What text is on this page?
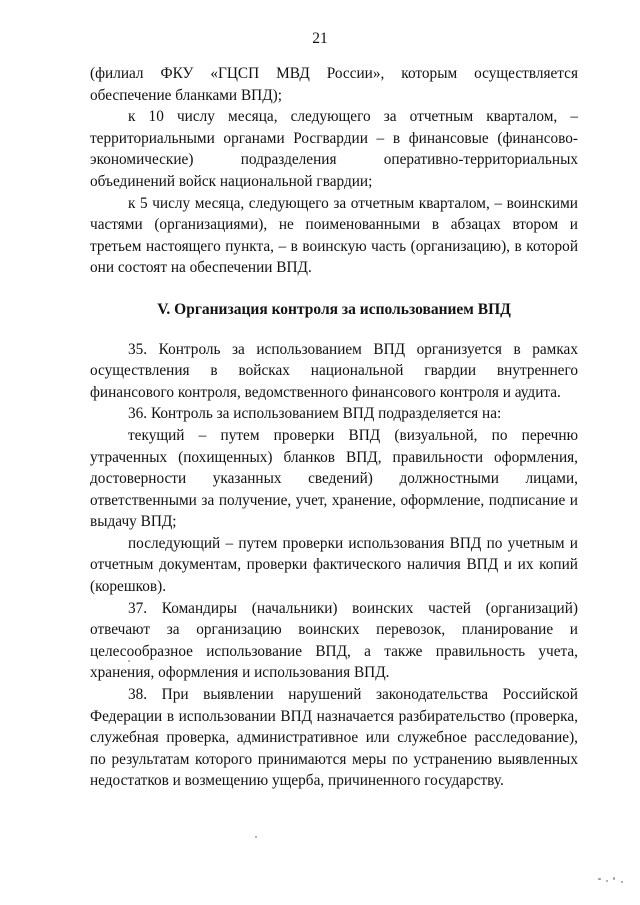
21

(филиал ФКУ «ГЦСП МВД России», которым осуществляется обеспечение бланками ВПД);

к 10 числу месяца, следующего за отчетным кварталом, – территориальными органами Росгвардии – в финансовые (финансово-экономические) подразделения оперативно-территориальных объединений войск национальной гвардии;

к 5 числу месяца, следующего за отчетным кварталом, – воинскими частями (организациями), не поименованными в абзацах втором и третьем настоящего пункта, – в воинскую часть (организацию), в которой они состоят на обеспечении ВПД.

V. Организация контроля за использованием ВПД

35. Контроль за использованием ВПД организуется в рамках осуществления в войсках национальной гвардии внутреннего финансового контроля, ведомственного финансового контроля и аудита.

36. Контроль за использованием ВПД подразделяется на:

текущий – путем проверки ВПД (визуальной, по перечню утраченных (похищенных) бланков ВПД, правильности оформления, достоверности указанных сведений) должностными лицами, ответственными за получение, учет, хранение, оформление, подписание и выдачу ВПД;

последующий – путем проверки использования ВПД по учетным и отчетным документам, проверки фактического наличия ВПД и их копий (корешков).

37. Командиры (начальники) воинских частей (организаций) отвечают за организацию воинских перевозок, планирование и целесообразное использование ВПД, а также правильность учета, хранения, оформления и использования ВПД.

38. При выявлении нарушений законодательства Российской Федерации в использовании ВПД назначается разбирательство (проверка, служебная проверка, административное или служебное расследование), по результатам которого принимаются меры по устранению выявленных недостатков и возмещению ущерба, причиненного государству.
